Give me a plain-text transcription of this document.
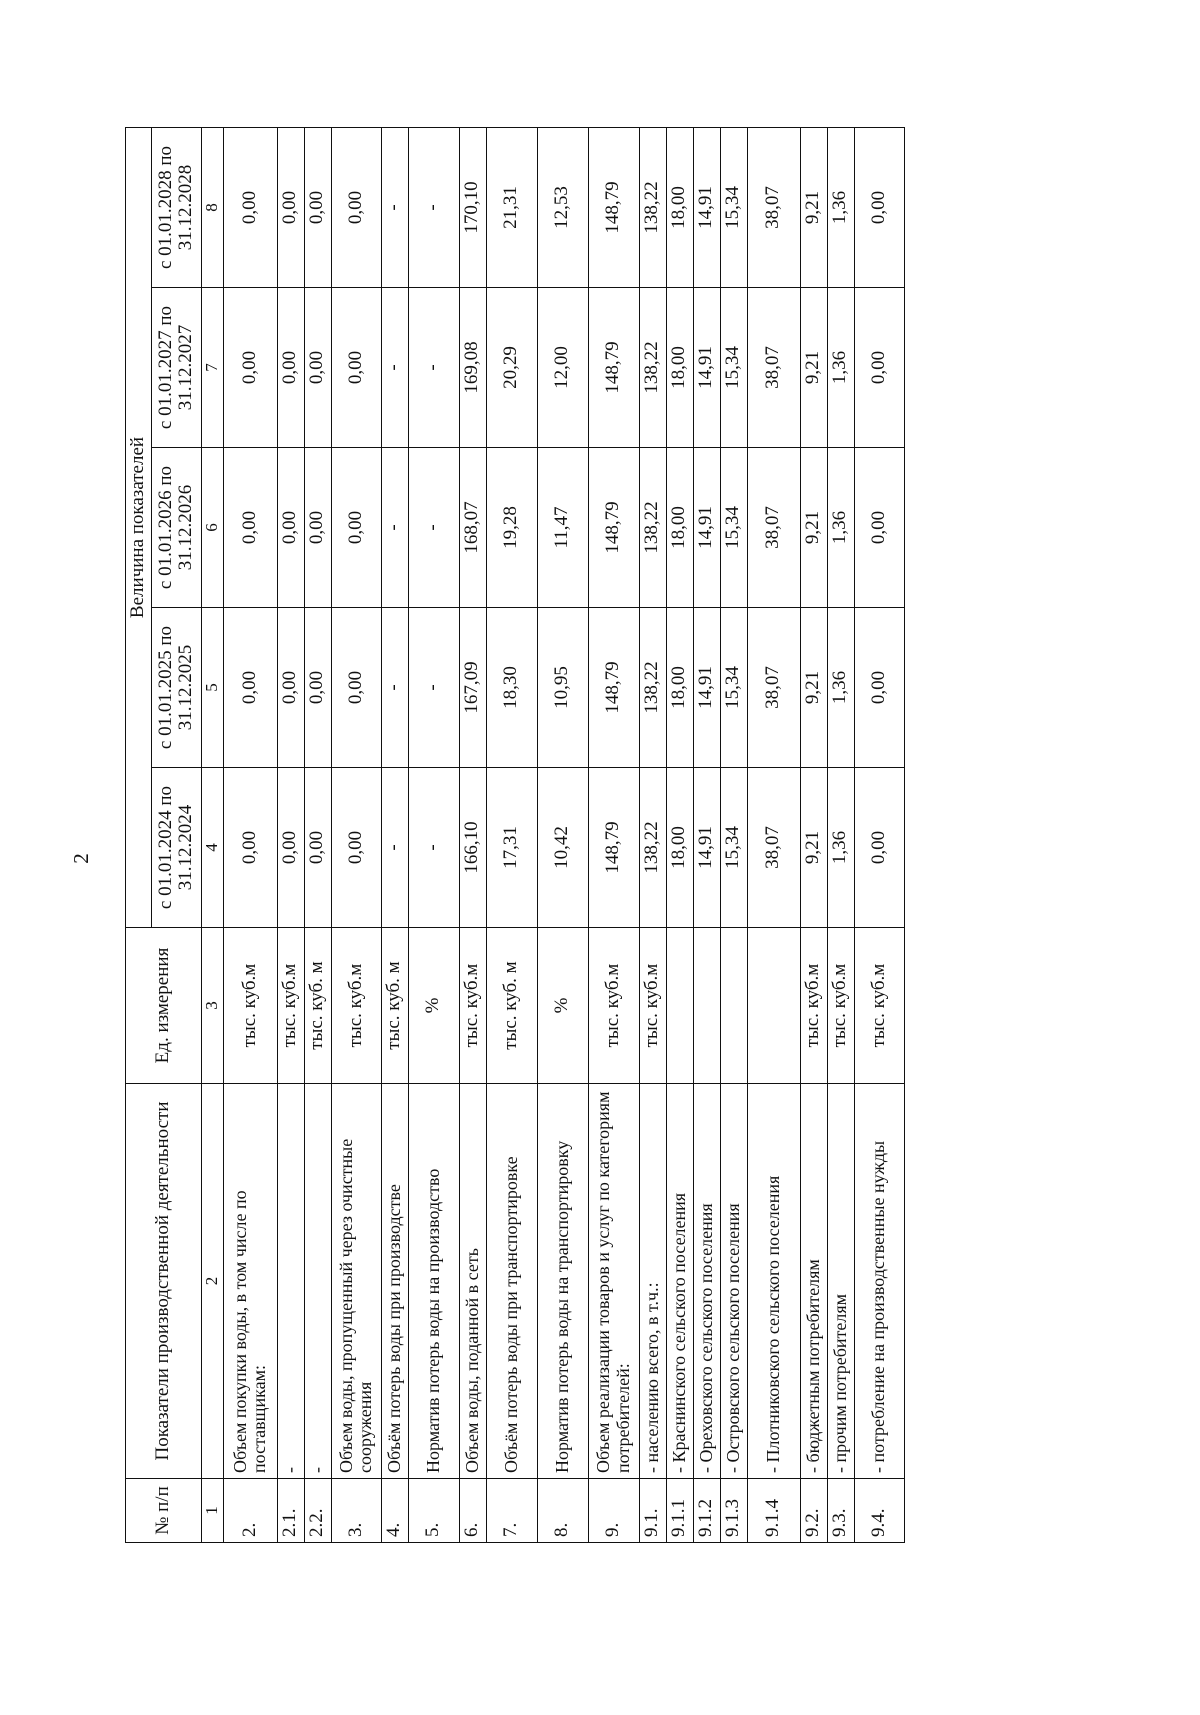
2
№ п/п	Показатели производственной деятельности	Ед. измерения	Величина показателей				
			с 01.01.2024 по 31.12.2024	с 01.01.2025 по 31.12.2025	с 01.01.2026 по 31.12.2026	с 01.01.2027 по 31.12.2027	с 01.01.2028 по 31.12.2028
1	2	3	4	5	6	7	8
2.	Объем покупки воды, в том числе по поставщикам:	тыс. куб.м	0,00	0,00	0,00	0,00	0,00
2.1.	-	тыс. куб.м	0,00	0,00	0,00	0,00	0,00
2.2.	-	тыс. куб. м	0,00	0,00	0,00	0,00	0,00
3.	Объем воды, пропущенный через очистные сооружения	тыс. куб.м	0,00	0,00	0,00	0,00	0,00
4.	Объём потерь воды при производстве	тыс. куб. м	-	-	-	-	-
5.	Норматив потерь воды на производство	%	-	-	-	-	-
6.	Объем воды, поданной в сеть	тыс. куб.м	166,10	167,09	168,07	169,08	170,10
7.	Объём потерь воды при транспортировке	тыс. куб. м	17,31	18,30	19,28	20,29	21,31
8.	Норматив потерь воды на транспортировку	%	10,42	10,95	11,47	12,00	12,53
9.	Объем реализации товаров и услуг по категориям потребителей:	тыс. куб.м	148,79	148,79	148,79	148,79	148,79
9.1.	- населению всего, в т.ч.:	тыс. куб.м	138,22	138,22	138,22	138,22	138,22
9.1.1	- Краснинского сельского поселения		18,00	18,00	18,00	18,00	18,00
9.1.2	- Ореховского сельского поселения		14,91	14,91	14,91	14,91	14,91
9.1.3	- Островского сельского поселения		15,34	15,34	15,34	15,34	15,34
9.1.4	- Плотниковского сельского поселения		38,07	38,07	38,07	38,07	38,07
9.2.	- бюджетным потребителям	тыс. куб.м	9,21	9,21	9,21	9,21	9,21
9.3.	- прочим потребителям	тыс. куб.м	1,36	1,36	1,36	1,36	1,36
9.4.	- потребление на производственные нужды	тыс. куб.м	0,00	0,00	0,00	0,00	0,00
